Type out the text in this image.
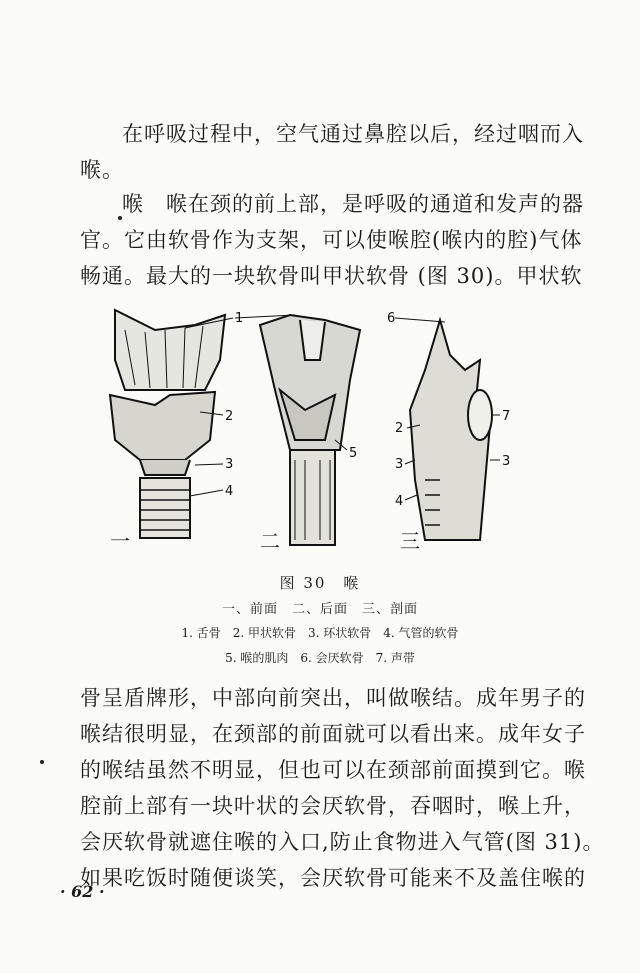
在呼吸过程中，空气通过鼻腔以后，经过咽而入
喉。
喉　喉在颈的前上部，是呼吸的通道和发声的器
官。它由软骨作为支架，可以使喉腔(喉内的腔)气体
畅通。最大的一块软骨叫甲状软骨 (图 30)。甲状软
1
2
3
4
5
6
2
3
4
7
3
一	二	三
图 30　喉
一、前面　二、后面　三、剖面
1. 舌骨　2. 甲状软骨　3. 环状软骨　4. 气管的软骨
5. 喉的肌肉　6. 会厌软骨　7. 声带
骨呈盾牌形，中部向前突出，叫做喉结。成年男子的
喉结很明显，在颈部的前面就可以看出来。成年女子
的喉结虽然不明显，但也可以在颈部前面摸到它。喉
腔前上部有一块叶状的会厌软骨，吞咽时，喉上升，
会厌软骨就遮住喉的入口,防止食物进入气管(图 31)。
如果吃饭时随便谈笑，会厌软骨可能来不及盖住喉的
· 62 ·
